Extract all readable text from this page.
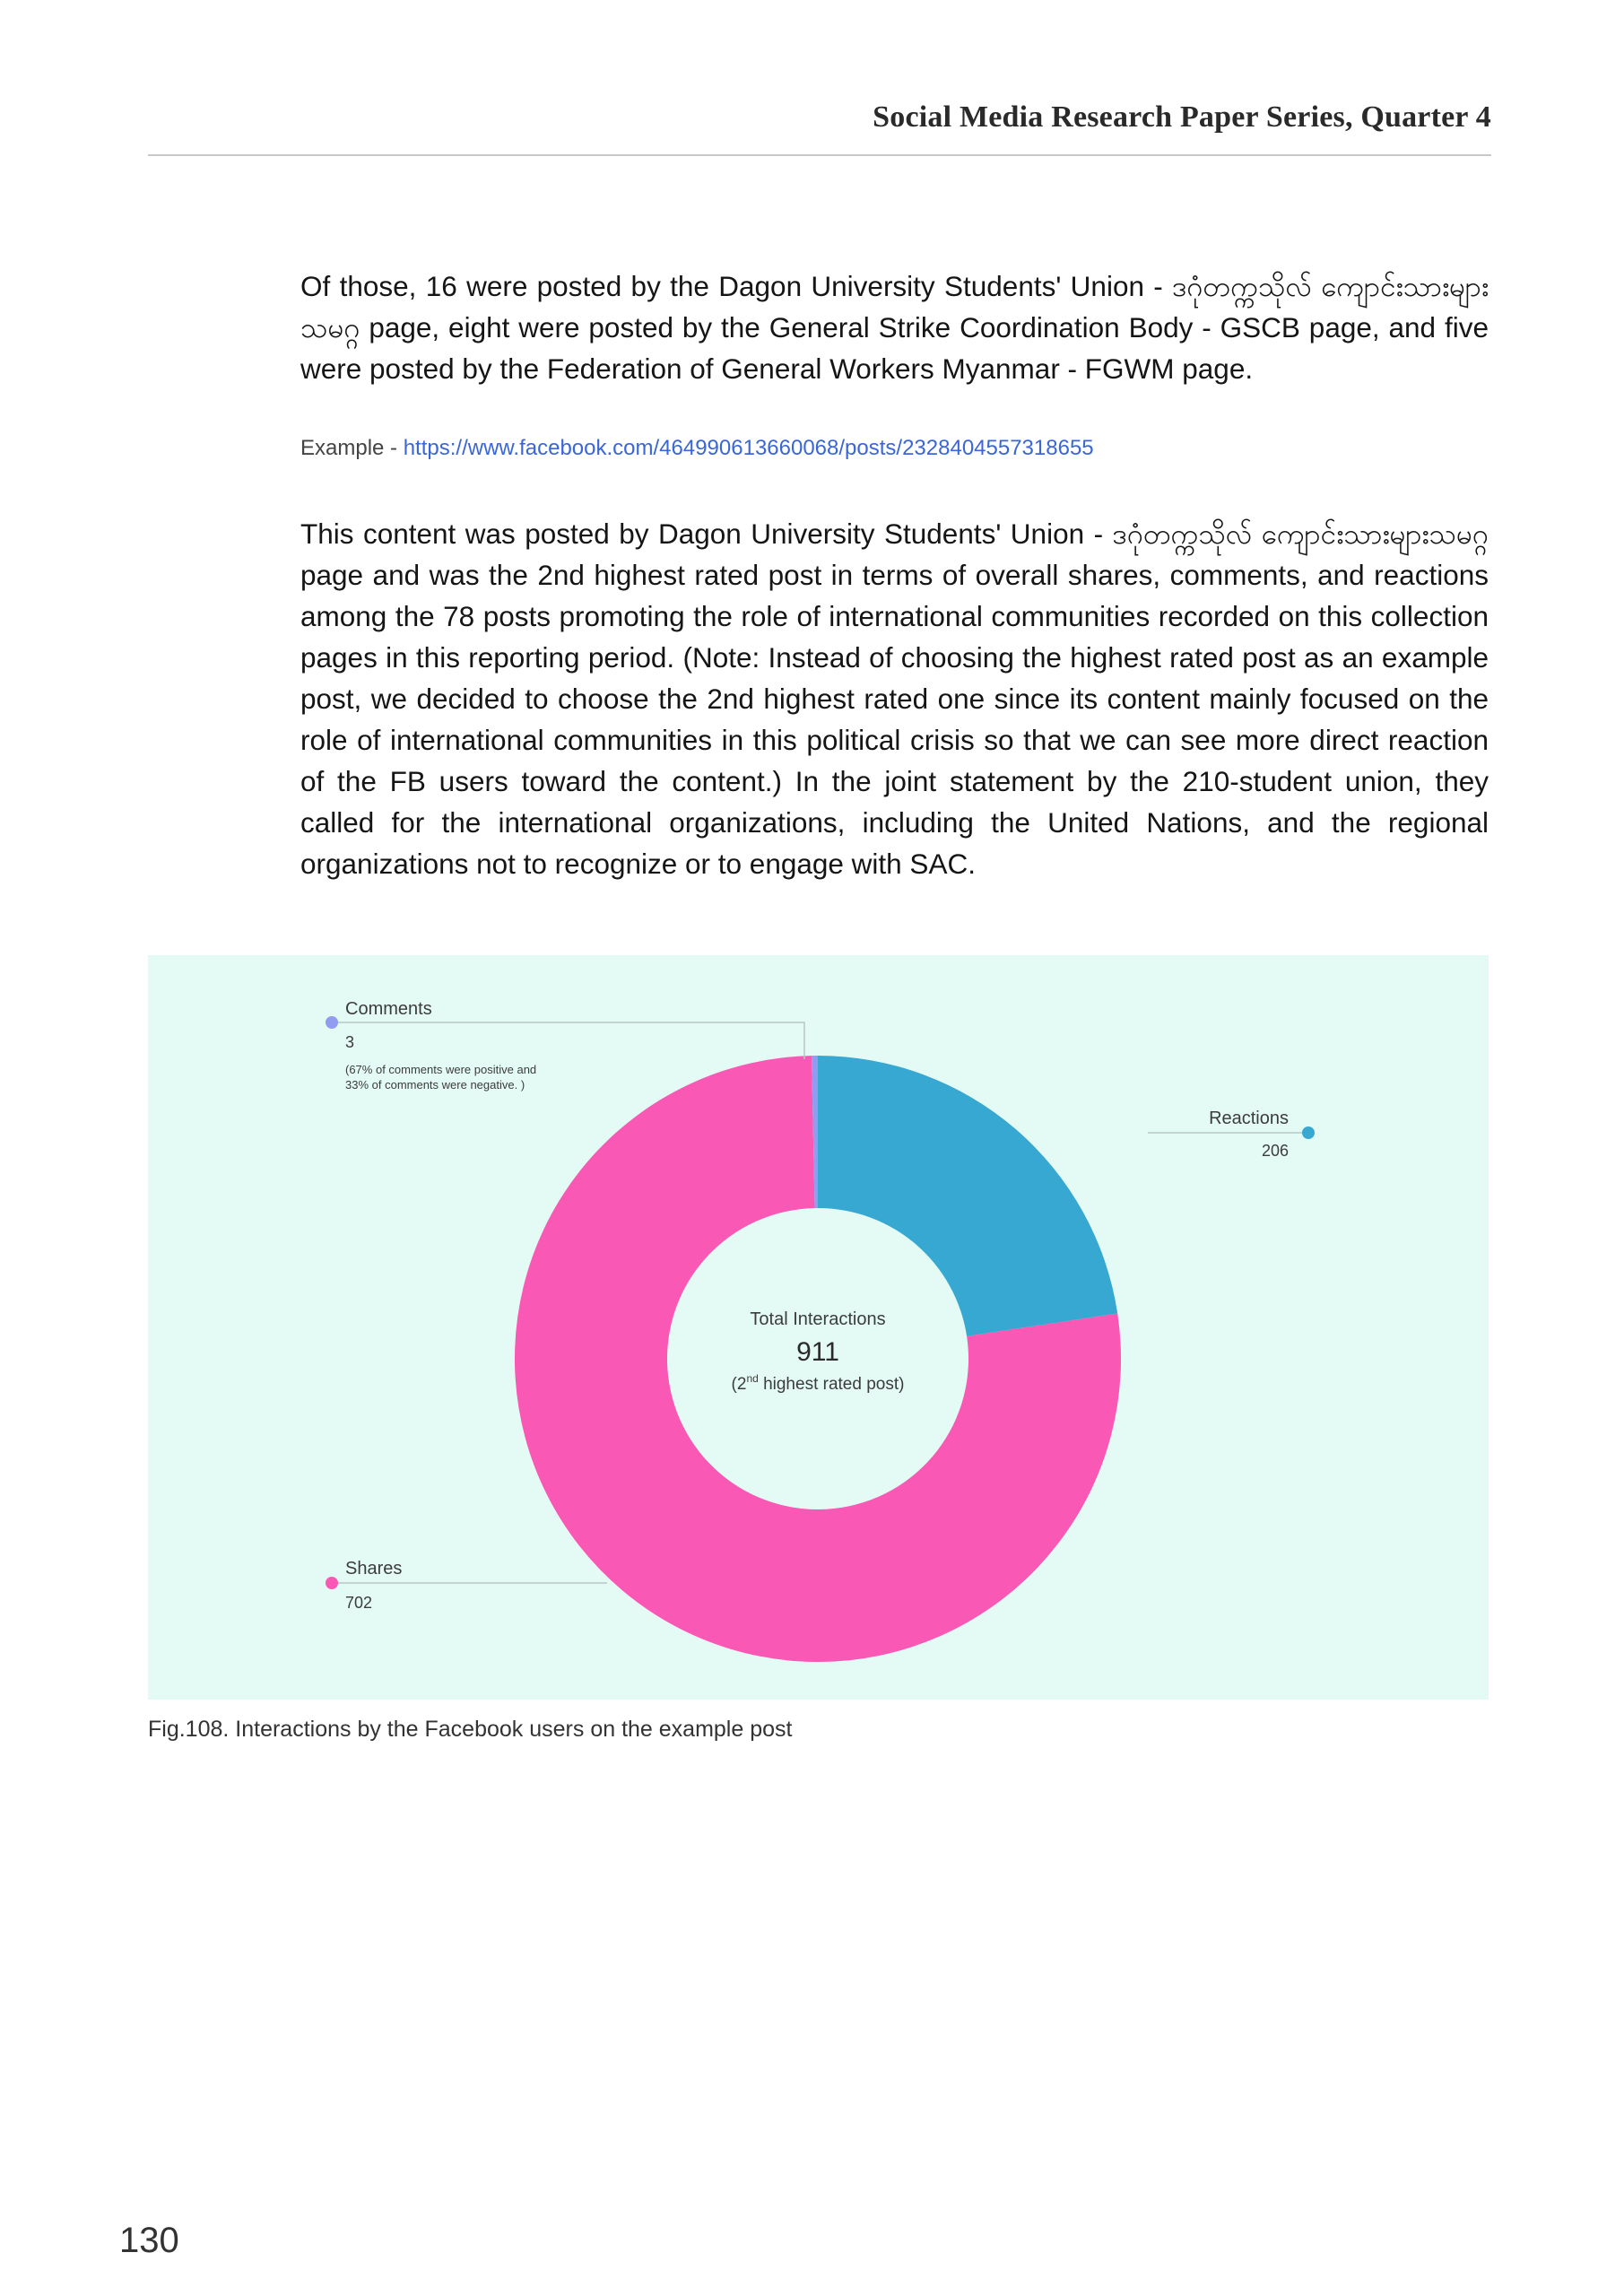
Social Media Research Paper Series, Quarter 4

Of those, 16 were posted by the Dagon University Students' Union - ဒဂုံတက္ကသိုလ် ကျောင်းသားများသမဂ္ဂ page, eight were posted by the General Strike Coordination Body - GSCB page, and five were posted by the Federation of General Workers Myanmar - FGWM page.

Example - https://www.facebook.com/464990613660068/posts/2328404557318655

This content was posted by Dagon University Students' Union - ဒဂုံတက္ကသိုလ် ကျောင်းသားများသမဂ္ဂ page and was the 2nd highest rated post in terms of overall shares, comments, and reactions among the 78 posts promoting the role of international communities recorded on this collection pages in this reporting period. (Note: Instead of choosing the highest rated post as an example post, we decided to choose the 2nd highest rated one since its content mainly focused on the role of international communities in this political crisis so that we can see more direct reaction of the FB users toward the content.) In the joint statement by the 210-student union, they called for the international organizations, including the United Nations, and the regional organizations not to recognize or to engage with SAC.

Comments
3
(67% of comments were positive and
33% of comments were negative. )
Reactions
206
Shares
702
Total Interactions
911
(2nd highest rated post)
Fig.108. Interactions by the Facebook users on the example post
130
